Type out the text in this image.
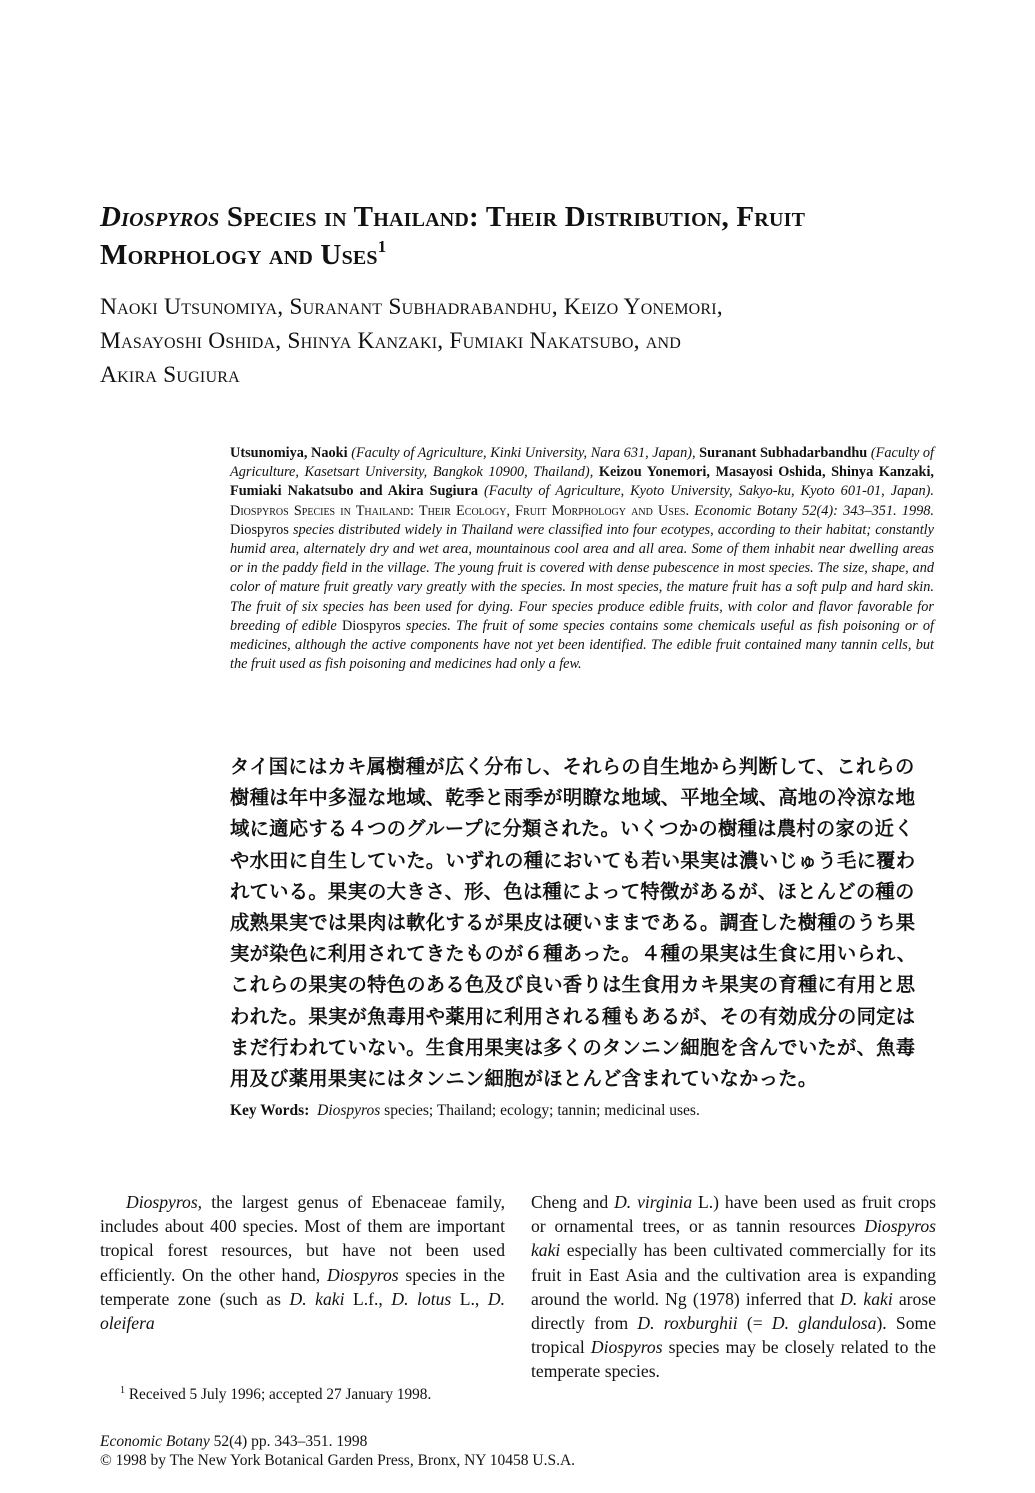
Diospyros Species in Thailand: Their Distribution, Fruit Morphology and Uses$^1$
Naoki Utsunomiya, Suranant Subhadrabandhu, Keizo Yonemori,
Masayoshi Oshida, Shinya Kanzaki, Fumiaki Nakatsubo, and
Akira Sugiura
Utsunomiya, Naoki (Faculty of Agriculture, Kinki University, Nara 631, Japan), Suranant Subhadarbandhu (Faculty of Agriculture, Kasetsart University, Bangkok 10900, Thailand), Keizou Yonemori, Masayosi Oshida, Shinya Kanzaki, Fumiaki Nakatsubo and Akira Sugiura (Faculty of Agriculture, Kyoto University, Sakyo-ku, Kyoto 601-01, Japan). Diospyros Species in Thailand: Their Ecology, Fruit Morphology and Uses. Economic Botany 52(4): 343–351. 1998. Diospyros species distributed widely in Thailand were classified into four ecotypes, according to their habitat; constantly humid area, alternately dry and wet area, mountainous cool area and all area. Some of them inhabit near dwelling areas or in the paddy field in the village. The young fruit is covered with dense pubescence in most species. The size, shape, and color of mature fruit greatly vary greatly with the species. In most species, the mature fruit has a soft pulp and hard skin. The fruit of six species has been used for dying. Four species produce edible fruits, with color and flavor favorable for breeding of edible Diospyros species. The fruit of some species contains some chemicals useful as fish poisoning or of medicines, although the active components have not yet been identified. The edible fruit contained many tannin cells, but the fruit used as fish poisoning and medicines had only a few.
タイ国にはカキ属樹種が広く分布し、それらの自生地から判断して、これらの
樹種は年中多湿な地域、乾季と雨季が明瞭な地域、平地全域、高地の冷涼な地
域に適応する４つのグループに分類された。いくつかの樹種は農村の家の近く
や水田に自生していた。いずれの種においても若い果実は濃いじゅう毛に覆わ
れている。果実の大きさ、形、色は種によって特徴があるが、ほとんどの種の
成熟果実では果肉は軟化するが果皮は硬いままである。調査した樹種のうち果
実が染色に利用されてきたものが６種あった。４種の果実は生食に用いられ、
これらの果実の特色のある色及び良い香りは生食用カキ果実の育種に有用と思
われた。果実が魚毒用や薬用に利用される種もあるが、その有効成分の同定は
まだ行われていない。生食用果実は多くのタンニン細胞を含んでいたが、魚毒
用及び薬用果実にはタンニン細胞がほとんど含まれていなかった。
Key Words: Diospyros species; Thailand; ecology; tannin; medicinal uses.
Diospyros, the largest genus of Ebenaceae family, includes about 400 species. Most of them are important tropical forest resources, but have not been used efficiently. On the other hand, Diospyros species in the temperate zone (such as D. kaki L.f., D. lotus L., D. oleifera
Cheng and D. virginia L.) have been used as fruit crops or ornamental trees, or as tannin resources Diospyros kaki especially has been cultivated commercially for its fruit in East Asia and the cultivation area is expanding around the world. Ng (1978) inferred that D. kaki arose directly from D. roxburghii (= D. glandulosa). Some tropical Diospyros species may be closely related to the temperate species.
$^1$ Received 5 July 1996; accepted 27 January 1998.
Economic Botany 52(4) pp. 343–351. 1998
© 1998 by The New York Botanical Garden Press, Bronx, NY 10458 U.S.A.
